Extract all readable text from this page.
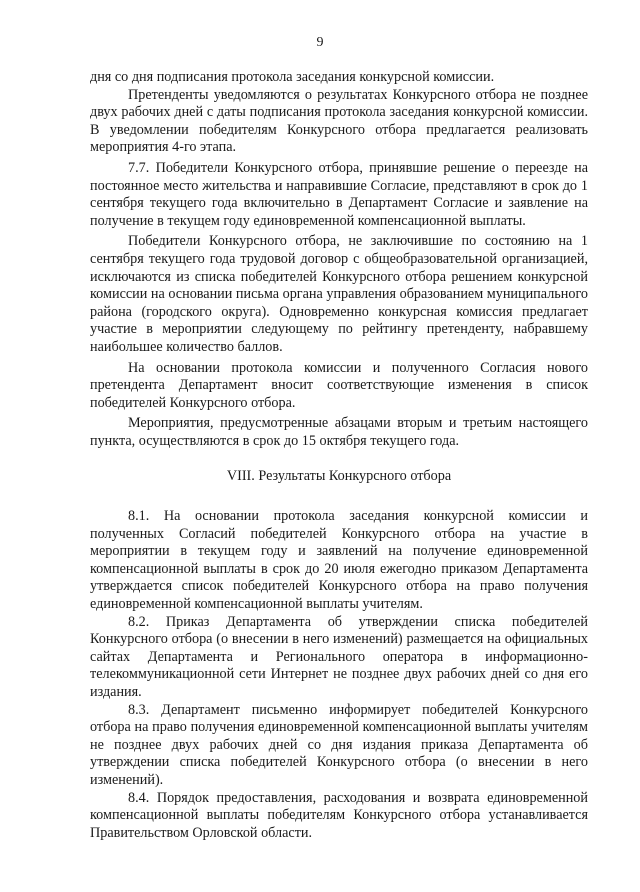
9

дня со дня подписания протокола заседания конкурсной комиссии.

Претенденты уведомляются о результатах Конкурсного отбора не позднее двух рабочих дней с даты подписания протокола заседания конкурсной комиссии. В уведомлении победителям Конкурсного отбора предлагается реализовать мероприятия 4-го этапа.

7.7. Победители Конкурсного отбора, принявшие решение о переезде на постоянное место жительства и направившие Согласие, представляют в срок до 1 сентября текущего года включительно в Департамент Согласие и заявление на получение в текущем году единовременной компенсационной выплаты.

Победители Конкурсного отбора, не заключившие по состоянию на 1 сентября текущего года трудовой договор с общеобразовательной организацией, исключаются из списка победителей Конкурсного отбора решением конкурсной комиссии на основании письма органа управления образованием муниципального района (городского округа). Одновременно конкурсная комиссия предлагает участие в мероприятии следующему по рейтингу претенденту, набравшему наибольшее количество баллов.

На основании протокола комиссии и полученного Согласия нового претендента Департамент вносит соответствующие изменения в список победителей Конкурсного отбора.

Мероприятия, предусмотренные абзацами вторым и третьим настоящего пункта, осуществляются в срок до 15 октября текущего года.

VIII. Результаты Конкурсного отбора

8.1. На основании протокола заседания конкурсной комиссии и полученных Согласий победителей Конкурсного отбора на участие в мероприятии в текущем году и заявлений на получение единовременной компенсационной выплаты в срок до 20 июля ежегодно приказом Департамента утверждается список победителей Конкурсного отбора на право получения единовременной компенсационной выплаты учителям.

8.2. Приказ Департамента об утверждении списка победителей Конкурсного отбора (о внесении в него изменений) размещается на официальных сайтах Департамента и Регионального оператора в информационно-телекоммуникационной сети Интернет не позднее двух рабочих дней со дня его издания.

8.3. Департамент письменно информирует победителей Конкурсного отбора на право получения единовременной компенсационной выплаты учителям не позднее двух рабочих дней со дня издания приказа Департамента об утверждении списка победителей Конкурсного отбора (о внесении в него изменений).

8.4. Порядок предоставления, расходования и возврата единовременной компенсационной выплаты победителям Конкурсного отбора устанавливается Правительством Орловской области.
